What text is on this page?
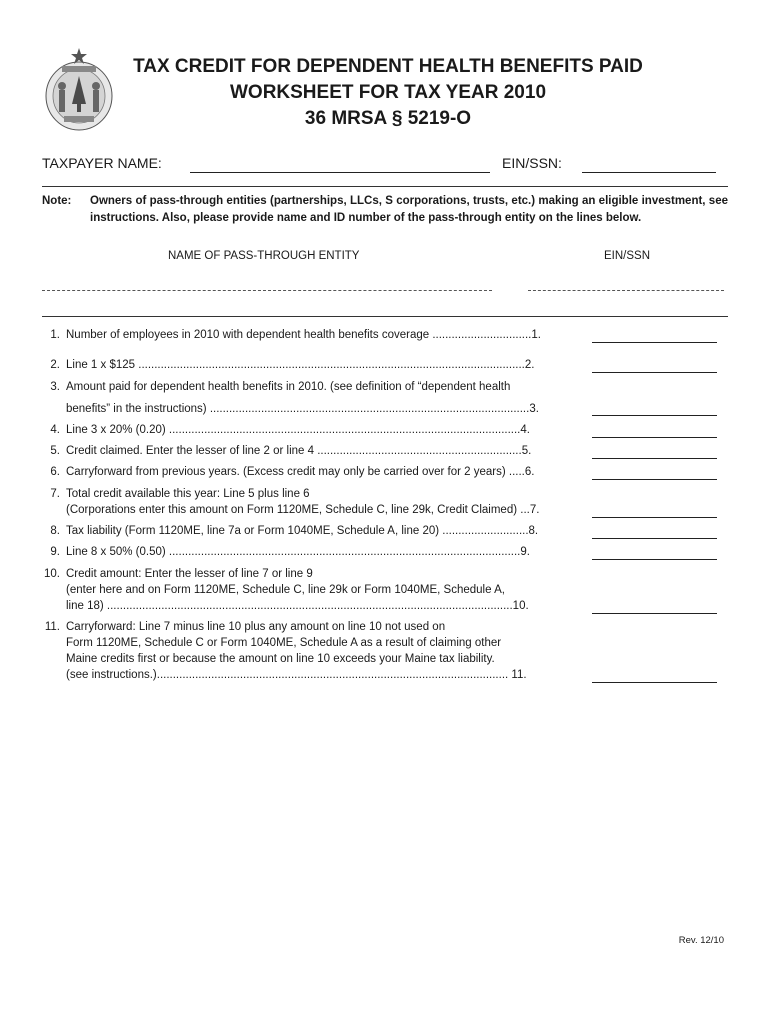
TAX CREDIT FOR DEPENDENT HEALTH BENEFITS PAID
WORKSHEET FOR TAX YEAR 2010
36 MRSA § 5219-O
TAXPAYER NAME:	EIN/SSN:
Note: Owners of pass-through entities (partnerships, LLCs, S corporations, trusts, etc.) making an eligible investment, see instructions. Also, please provide name and ID number of the pass-through entity on the lines below.
NAME OF PASS-THROUGH ENTITY	EIN/SSN
1. Number of employees in 2010 with dependent health benefits coverage ...............................1.
2. Line 1 x $125 .........................................................................................................................2.
3. Amount paid for dependent health benefits in 2010. (see definition of “dependent health
benefits” in the instructions) ....................................................................................................3.
4. Line 3 x 20% (0.20) ..............................................................................................................4.
5. Credit claimed. Enter the lesser of line 2 or line 4 ................................................................5.
6. Carryforward from previous years. (Excess credit may only be carried over for 2 years) .....6.
7. Total credit available this year: Line 5 plus line 6
(Corporations enter this amount on Form 1120ME, Schedule C, line 29k, Credit Claimed) ...7.
8. Tax liability (Form 1120ME, line 7a or Form 1040ME, Schedule A, line 20) ...........................8.
9. Line 8 x 50% (0.50) ..............................................................................................................9.
10. Credit amount: Enter the lesser of line 7 or line 9
(enter here and on Form 1120ME, Schedule C, line 29k or Form 1040ME, Schedule A,
line 18) ...............................................................................................................................10.
11. Carryforward: Line 7 minus line 10 plus any amount on line 10 not used on
Form 1120ME, Schedule C or Form 1040ME, Schedule A as a result of claiming other
Maine credits first or because the amount on line 10 exceeds your Maine tax liability.
(see instructions.).............................................................................................................. 11.
Rev. 12/10
